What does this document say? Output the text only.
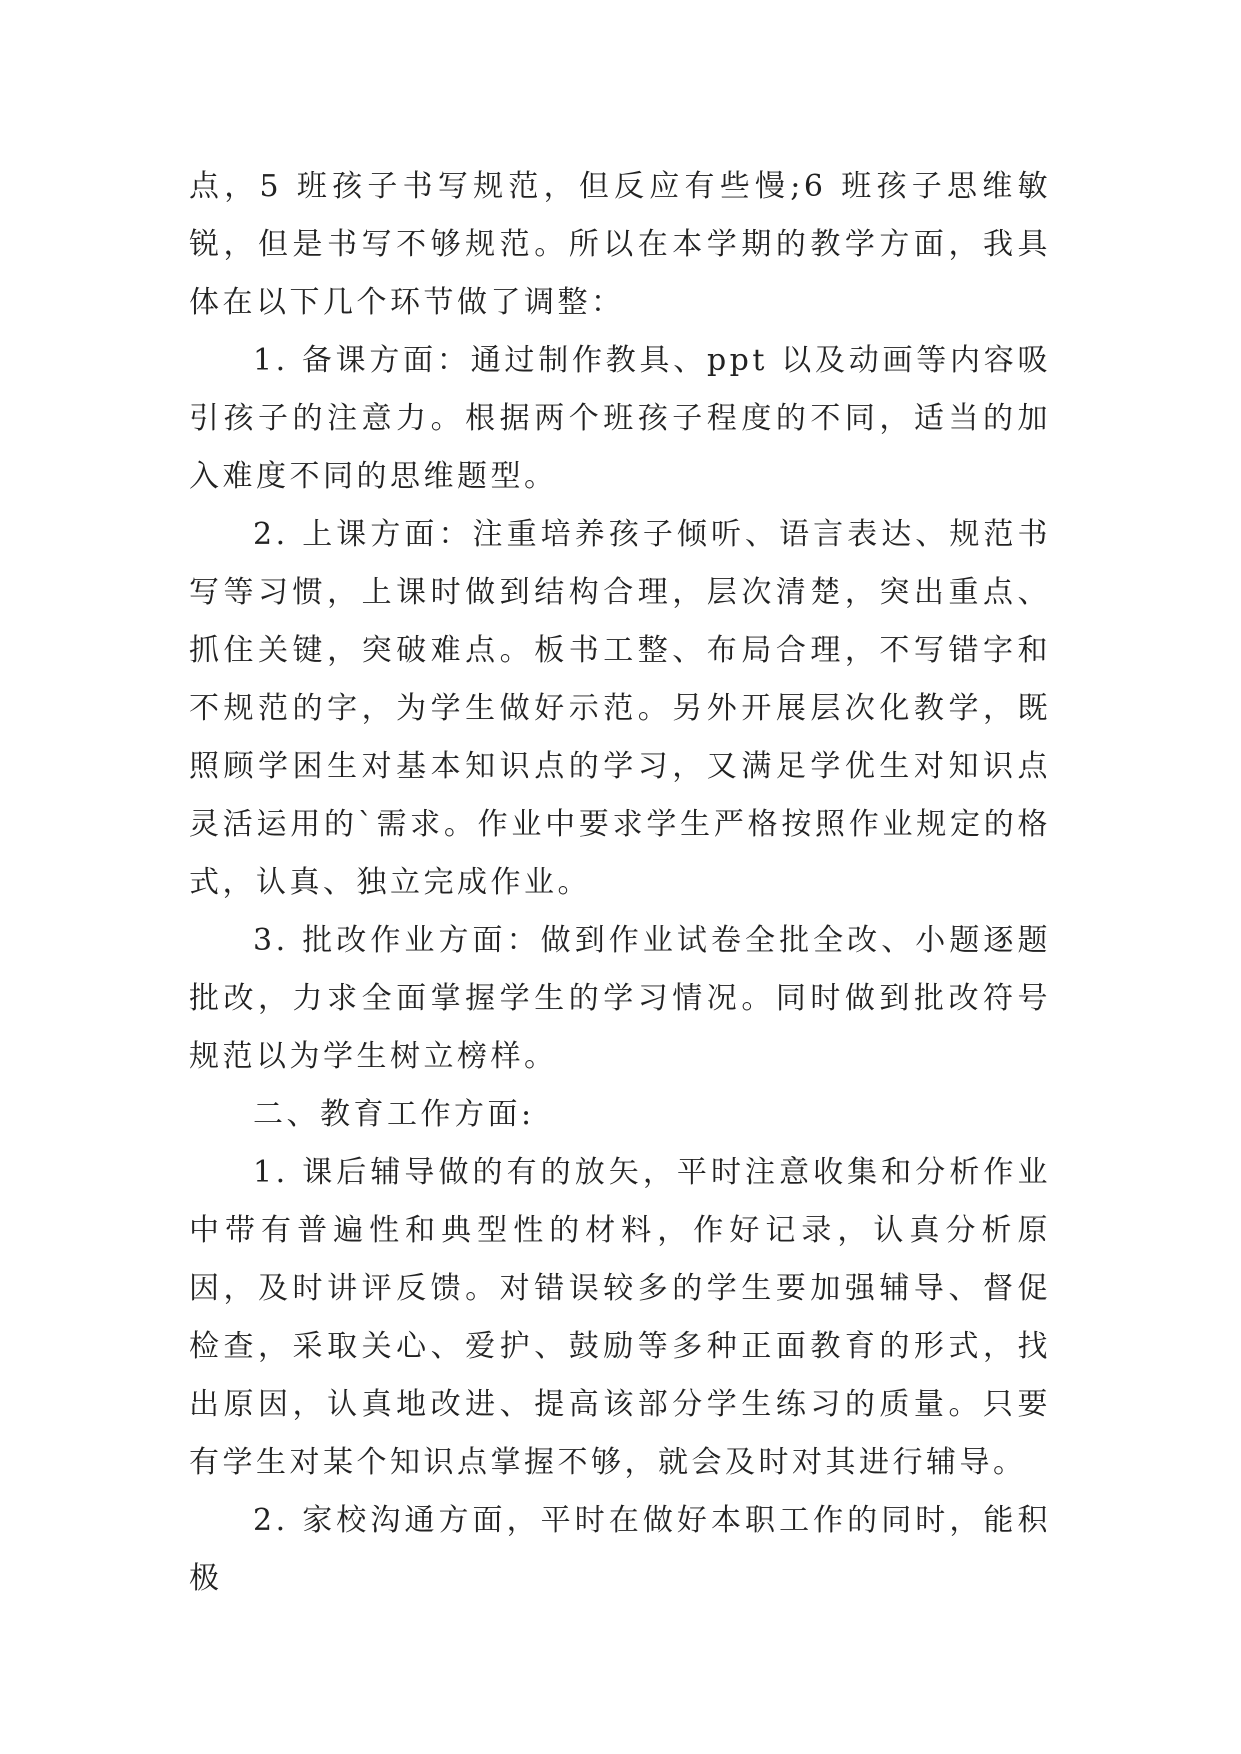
点，5 班孩子书写规范，但反应有些慢;6 班孩子思维敏锐，但是书写不够规范。所以在本学期的教学方面，我具体在以下几个环节做了调整：

1. 备课方面：通过制作教具、ppt 以及动画等内容吸引孩子的注意力。根据两个班孩子程度的不同，适当的加入难度不同的思维题型。

2. 上课方面：注重培养孩子倾听、语言表达、规范书写等习惯，上课时做到结构合理，层次清楚，突出重点、抓住关键，突破难点。板书工整、布局合理，不写错字和不规范的字，为学生做好示范。另外开展层次化教学，既照顾学困生对基本知识点的学习，又满足学优生对知识点灵活运用的`需求。作业中要求学生严格按照作业规定的格式，认真、独立完成作业。

3. 批改作业方面：做到作业试卷全批全改、小题逐题批改，力求全面掌握学生的学习情况。同时做到批改符号规范以为学生树立榜样。

二、教育工作方面:

1. 课后辅导做的有的放矢，平时注意收集和分析作业中带有普遍性和典型性的材料，作好记录，认真分析原因，及时讲评反馈。对错误较多的学生要加强辅导、督促检查，采取关心、爱护、鼓励等多种正面教育的形式，找出原因，认真地改进、提高该部分学生练习的质量。只要有学生对某个知识点掌握不够，就会及时对其进行辅导。

2. 家校沟通方面，平时在做好本职工作的同时，能积极
